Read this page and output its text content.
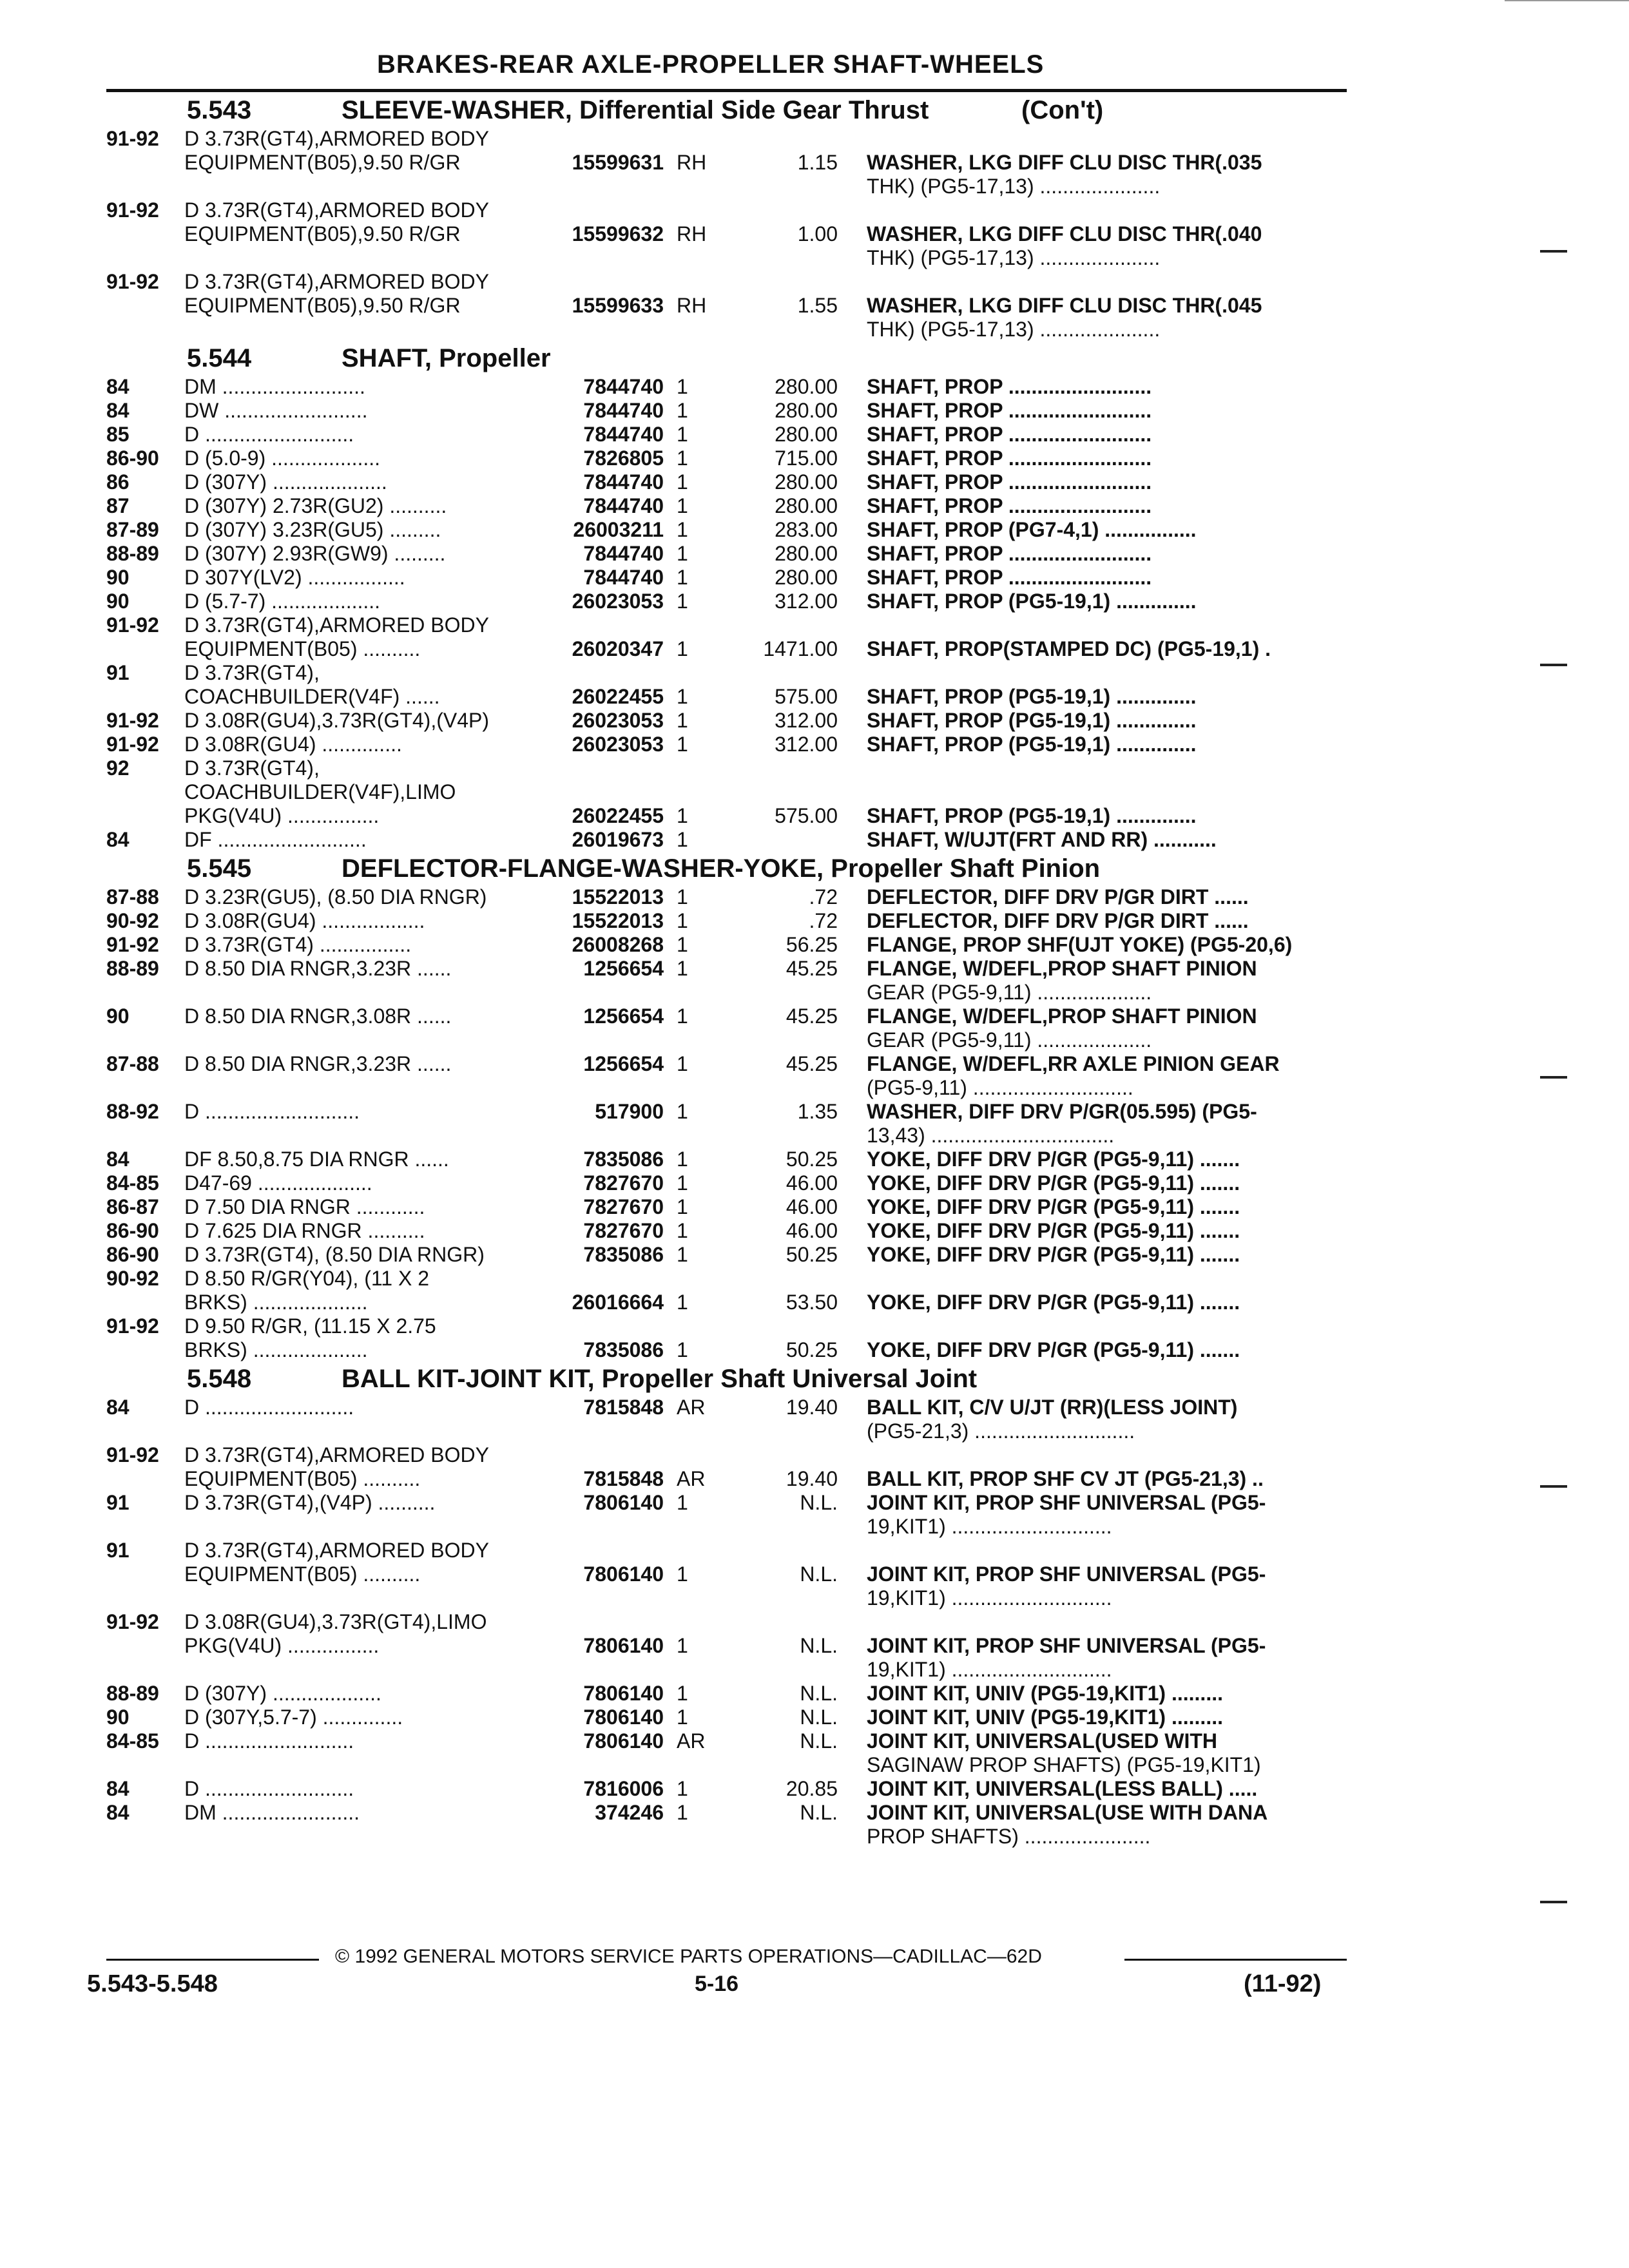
BRAKES-REAR AXLE-PROPELLER SHAFT-WHEELS
5.543	SLEEVE-WASHER, Differential Side Gear Thrust	(Con't)
91-92 D 3.73R(GT4),ARMORED BODY
EQUIPMENT(B05),9.50 R/GR	15599631 RH	1.15 WASHER, LKG DIFF CLU DISC THR(.035
THK) (PG5-17,13) .....................
91-92 D 3.73R(GT4),ARMORED BODY
EQUIPMENT(B05),9.50 R/GR	15599632 RH	1.00 WASHER, LKG DIFF CLU DISC THR(.040
THK) (PG5-17,13) .....................
91-92 D 3.73R(GT4),ARMORED BODY
EQUIPMENT(B05),9.50 R/GR	15599633 RH	1.55 WASHER, LKG DIFF CLU DISC THR(.045
THK) (PG5-17,13) .....................
5.544	SHAFT, Propeller
84	DM .........................	7844740 1	280.00 SHAFT, PROP .........................
84	DW .........................	7844740 1	280.00 SHAFT, PROP .........................
85	D ..........................	7844740 1	280.00 SHAFT, PROP .........................
86-90 D (5.0-9) ...................	7826805 1	715.00 SHAFT, PROP .........................
86	D (307Y) ....................	7844740 1	280.00 SHAFT, PROP .........................
87	D (307Y) 2.73R(GU2) ..........	7844740 1	280.00 SHAFT, PROP .........................
87-89 D (307Y) 3.23R(GU5) .........	26003211 1	283.00 SHAFT, PROP (PG7-4,1) ................
88-89 D (307Y) 2.93R(GW9) .........	7844740 1	280.00 SHAFT, PROP .........................
90	D 307Y(LV2) .................	7844740 1	280.00 SHAFT, PROP .........................
90	D (5.7-7) ...................	26023053 1	312.00 SHAFT, PROP (PG5-19,1) ..............
91-92 D 3.73R(GT4),ARMORED BODY
EQUIPMENT(B05) ..........	26020347 1	1471.00 SHAFT, PROP(STAMPED DC) (PG5-19,1) .
91	D 3.73R(GT4),
COACHBUILDER(V4F) ......	26022455 1	575.00 SHAFT, PROP (PG5-19,1) ..............
91-92 D 3.08R(GU4),3.73R(GT4),(V4P)	26023053 1	312.00 SHAFT, PROP (PG5-19,1) ..............
91-92 D 3.08R(GU4) ..............	26023053 1	312.00 SHAFT, PROP (PG5-19,1) ..............
92	D 3.73R(GT4),
COACHBUILDER(V4F),LIMO
PKG(V4U) ................	26022455 1	575.00 SHAFT, PROP (PG5-19,1) ..............
84	DF ..........................	26019673 1	SHAFT, W/UJT(FRT AND RR) ...........
5.545	DEFLECTOR-FLANGE-WASHER-YOKE, Propeller Shaft Pinion
87-88 D 3.23R(GU5), (8.50 DIA RNGR)	15522013 1	.72 DEFLECTOR, DIFF DRV P/GR DIRT ......
90-92 D 3.08R(GU4) ..................	15522013 1	.72 DEFLECTOR, DIFF DRV P/GR DIRT ......
91-92 D 3.73R(GT4) ................	26008268 1	56.25 FLANGE, PROP SHF(UJT YOKE) (PG5-20,6)
88-89 D 8.50 DIA RNGR,3.23R ......	1256654 1	45.25 FLANGE, W/DEFL,PROP SHAFT PINION
GEAR (PG5-9,11) ....................
90	D 8.50 DIA RNGR,3.08R ......	1256654 1	45.25 FLANGE, W/DEFL,PROP SHAFT PINION
GEAR (PG5-9,11) ....................
87-88 D 8.50 DIA RNGR,3.23R ......	1256654 1	45.25 FLANGE, W/DEFL,RR AXLE PINION GEAR
(PG5-9,11) ............................
88-92 D ...........................	517900 1	1.35 WASHER, DIFF DRV P/GR(05.595) (PG5-
13,43) ................................
84	DF 8.50,8.75 DIA RNGR ......	7835086 1	50.25 YOKE, DIFF DRV P/GR (PG5-9,11) .......
84-85 D47-69 ....................	7827670 1	46.00 YOKE, DIFF DRV P/GR (PG5-9,11) .......
86-87 D 7.50 DIA RNGR ............	7827670 1	46.00 YOKE, DIFF DRV P/GR (PG5-9,11) .......
86-90 D 7.625 DIA RNGR ..........	7827670 1	46.00 YOKE, DIFF DRV P/GR (PG5-9,11) .......
86-90 D 3.73R(GT4), (8.50 DIA RNGR)	7835086 1	50.25 YOKE, DIFF DRV P/GR (PG5-9,11) .......
90-92 D 8.50 R/GR(Y04), (11 X 2
BRKS) ....................	26016664 1	53.50 YOKE, DIFF DRV P/GR (PG5-9,11) .......
91-92 D 9.50 R/GR, (11.15 X 2.75
BRKS) ....................	7835086 1	50.25 YOKE, DIFF DRV P/GR (PG5-9,11) .......
5.548	BALL KIT-JOINT KIT, Propeller Shaft Universal Joint
84	D ..........................	7815848 AR	19.40 BALL KIT, C/V U/JT (RR)(LESS JOINT)
(PG5-21,3) ............................
91-92 D 3.73R(GT4),ARMORED BODY
EQUIPMENT(B05) ..........	7815848 AR	19.40 BALL KIT, PROP SHF CV JT (PG5-21,3) ..
91	D 3.73R(GT4),(V4P) ..........	7806140 1	N.L. JOINT KIT, PROP SHF UNIVERSAL (PG5-
19,KIT1) ............................
91	D 3.73R(GT4),ARMORED BODY
EQUIPMENT(B05) ..........	7806140 1	N.L. JOINT KIT, PROP SHF UNIVERSAL (PG5-
19,KIT1) ............................
91-92 D 3.08R(GU4),3.73R(GT4),LIMO
PKG(V4U) ................	7806140 1	N.L. JOINT KIT, PROP SHF UNIVERSAL (PG5-
19,KIT1) ............................
88-89 D (307Y) ...................	7806140 1	N.L. JOINT KIT, UNIV (PG5-19,KIT1) .........
90	D (307Y,5.7-7) ..............	7806140 1	N.L. JOINT KIT, UNIV (PG5-19,KIT1) .........
84-85 D ..........................	7806140 AR	N.L. JOINT KIT, UNIVERSAL(USED WITH
SAGINAW PROP SHAFTS) (PG5-19,KIT1)
84	D ..........................	7816006 1	20.85 JOINT KIT, UNIVERSAL(LESS BALL) .....
84	DM ........................	374246 1	N.L. JOINT KIT, UNIVERSAL(USE WITH DANA
PROP SHAFTS) ......................
© 1992 GENERAL MOTORS SERVICE PARTS OPERATIONS—CADILLAC—62D
5.543-5.548	5-16	(11-92)
